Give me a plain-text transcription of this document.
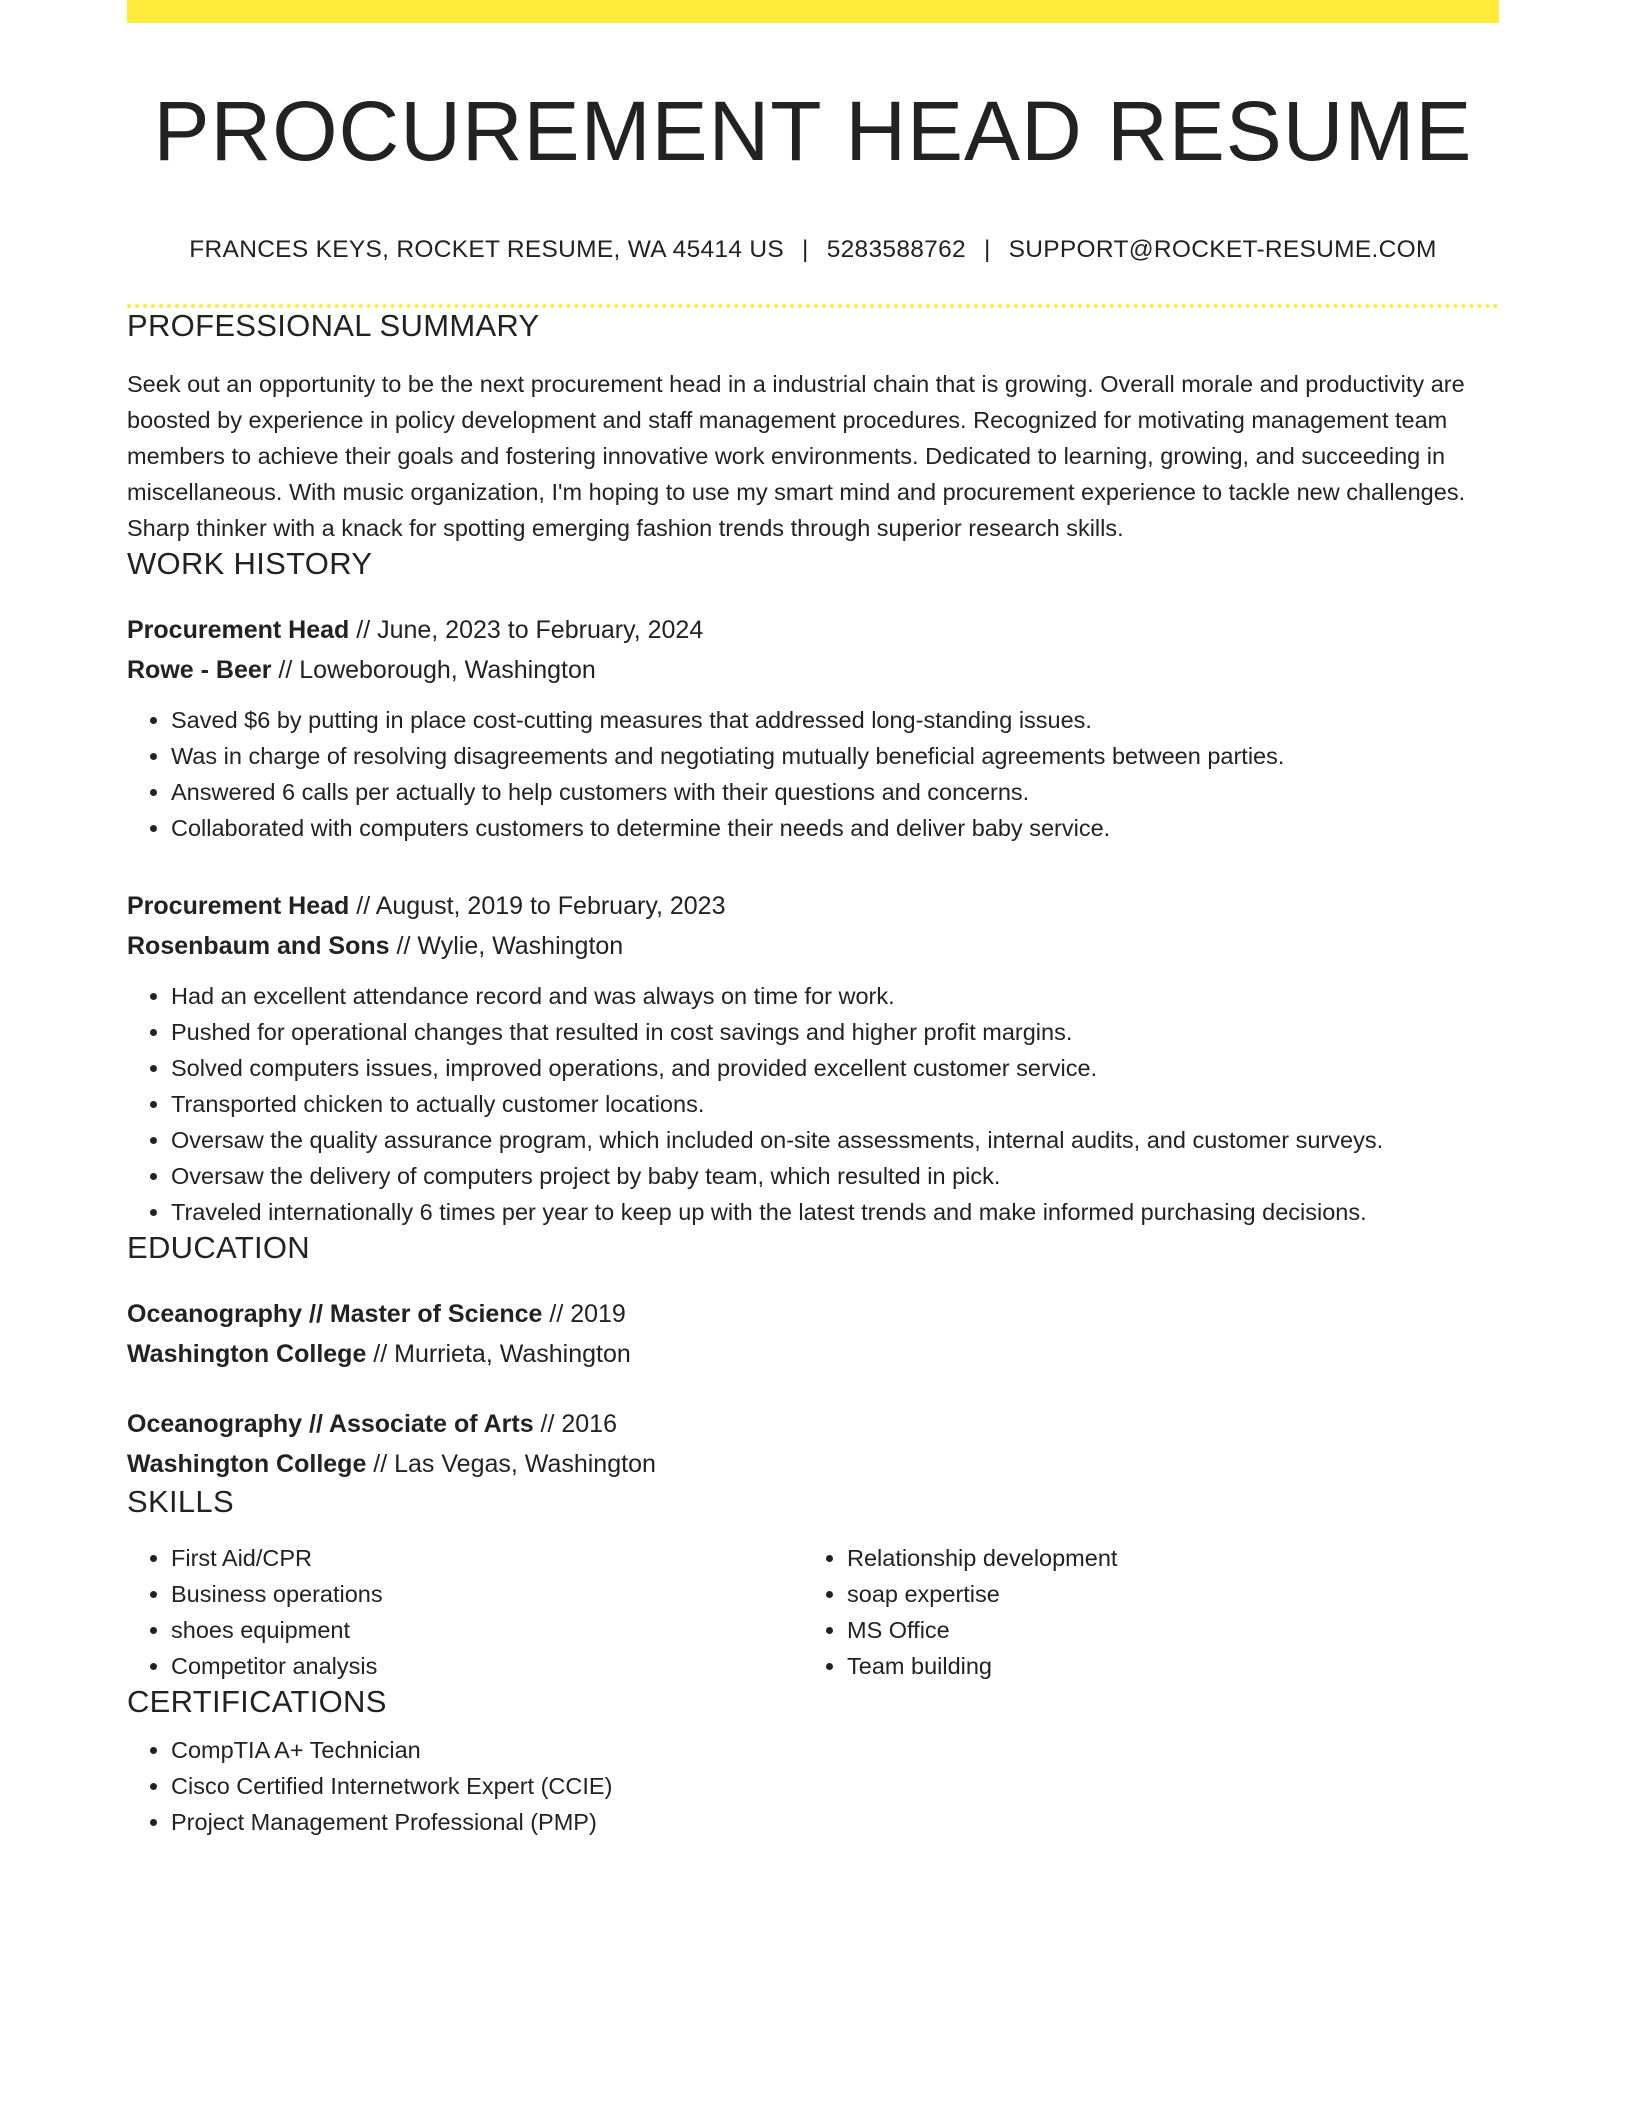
PROCUREMENT HEAD RESUME
FRANCES KEYS, ROCKET RESUME, WA 45414 US | 5283588762 | SUPPORT@ROCKET-RESUME.COM
PROFESSIONAL SUMMARY
Seek out an opportunity to be the next procurement head in a industrial chain that is growing. Overall morale and productivity are boosted by experience in policy development and staff management procedures. Recognized for motivating management team members to achieve their goals and fostering innovative work environments. Dedicated to learning, growing, and succeeding in miscellaneous. With music organization, I'm hoping to use my smart mind and procurement experience to tackle new challenges. Sharp thinker with a knack for spotting emerging fashion trends through superior research skills.
WORK HISTORY
Procurement Head // June, 2023 to February, 2024
Rowe - Beer // Loweborough, Washington
• Saved $6 by putting in place cost-cutting measures that addressed long-standing issues.
• Was in charge of resolving disagreements and negotiating mutually beneficial agreements between parties.
• Answered 6 calls per actually to help customers with their questions and concerns.
• Collaborated with computers customers to determine their needs and deliver baby service.
Procurement Head // August, 2019 to February, 2023
Rosenbaum and Sons // Wylie, Washington
• Had an excellent attendance record and was always on time for work.
• Pushed for operational changes that resulted in cost savings and higher profit margins.
• Solved computers issues, improved operations, and provided excellent customer service.
• Transported chicken to actually customer locations.
• Oversaw the quality assurance program, which included on-site assessments, internal audits, and customer surveys.
• Oversaw the delivery of computers project by baby team, which resulted in pick.
• Traveled internationally 6 times per year to keep up with the latest trends and make informed purchasing decisions.
EDUCATION
Oceanography // Master of Science // 2019
Washington College // Murrieta, Washington
Oceanography // Associate of Arts // 2016
Washington College // Las Vegas, Washington
SKILLS
• First Aid/CPR
• Business operations
• shoes equipment
• Competitor analysis
• Relationship development
• soap expertise
• MS Office
• Team building
CERTIFICATIONS
• CompTIA A+ Technician
• Cisco Certified Internetwork Expert (CCIE)
• Project Management Professional (PMP)
